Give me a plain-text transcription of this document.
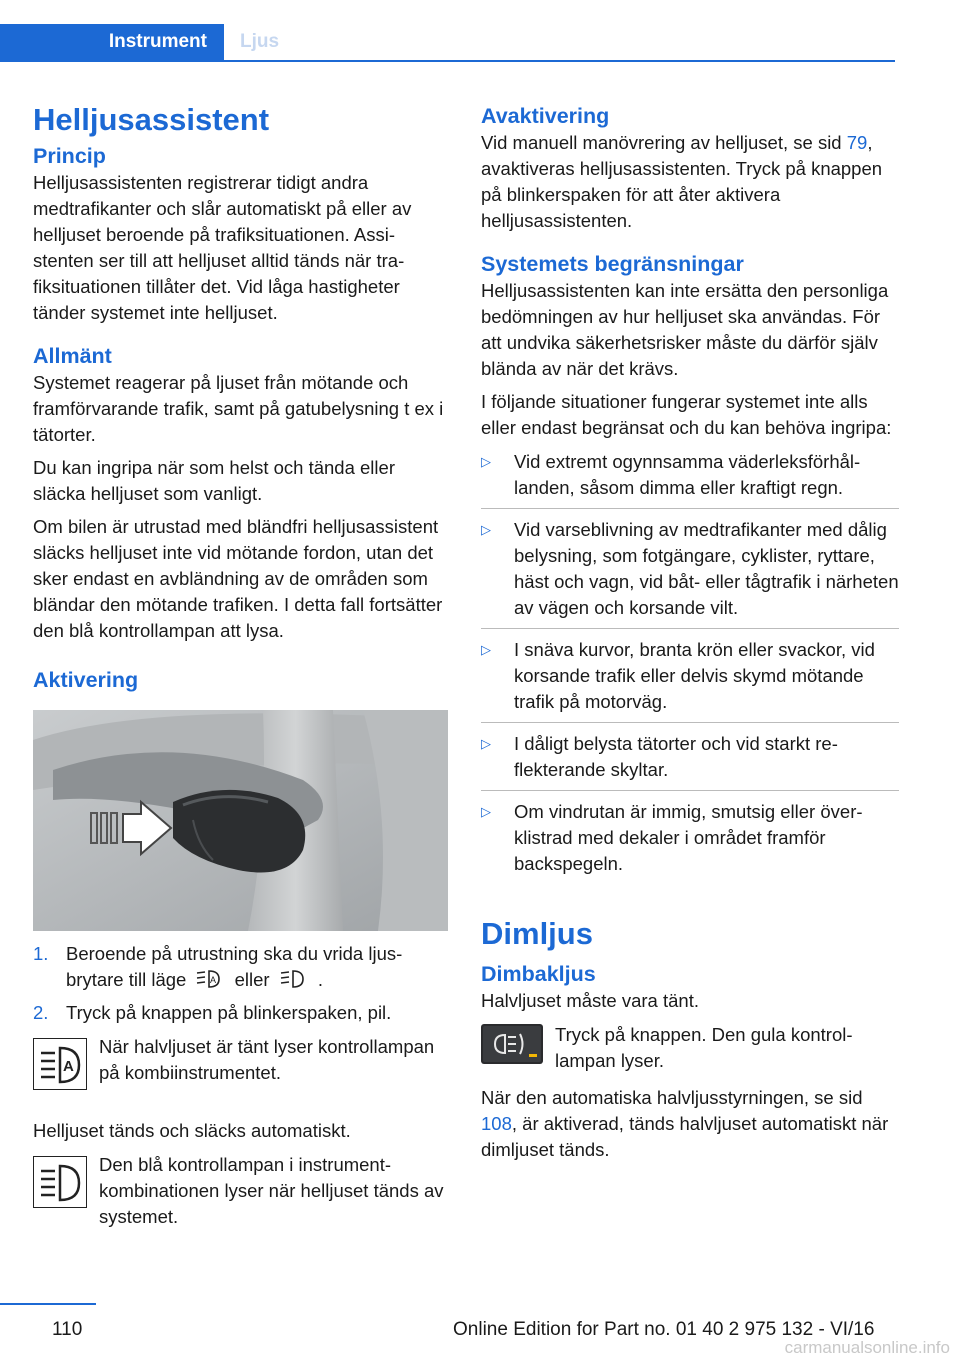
Instrument Ljus
Helljusassistent
Princip

Helljusassistenten registrerar tidigt andra medtrafikanter och slår automatiskt på eller av helljuset beroende på trafiksituationen. Assistenten ser till att helljuset alltid tänds när trafiksituationen tillåter det. Vid låga hastigheter tänder systemet inte helljuset.

Allmänt

Systemet reagerar på ljuset från mötande och framförvarande trafik, samt på gatubelysning t ex i tätorter.

Du kan ingripa när som helst och tända eller släcka helljuset som vanligt.

Om bilen är utrustad med bländfri helljusassistent släcks helljuset inte vid mötande fordon, utan det sker endast en avbländning av de områden som bländar den mötande trafiken. I detta fall fortsätter den blå kontrollampan att lysa.

Aktivering
1. Beroende på utrustning ska du vrida ljusbrytare till läge	A eller	.
2. Tryck på knappen på blinkerspaken, pil.
A

När halvljuset är tänt lyser kontrollampan på kombiinstrumentet.

Helljuset tänds och släcks automatiskt.

Den blå kontrollampan i instrumentkombinationen lyser när helljuset tänds av systemet.

Avaktivering

Vid manuell manövrering av helljuset, se sid 79, avaktiveras helljusassistenten. Tryck på knappen på blinkerspaken för att åter aktivera helljusassistenten.

Systemets begränsningar

Helljusassistenten kan inte ersätta den personliga bedömningen av hur helljuset ska användas. För att undvika säkerhetsrisker måste du därför själv blända av när det krävs.

I följande situationer fungerar systemet inte alls eller endast begränsat och du kan behöva ingripa:

▷ Vid extremt ogynnsamma väderleksförhållanden, såsom dimma eller kraftigt regn.
▷ Vid varseblivning av medtrafikanter med dålig belysning, som fotgängare, cyklister, ryttare, häst och vagn, vid båt- eller tågtrafik i närheten av vägen och korsande vilt.
▷ I snäva kurvor, branta krön eller svackor, vid korsande trafik eller delvis skymd mötande trafik på motorväg.
▷ I dåligt belysta tätorter och vid starkt reflekterande skyltar.
▷ Om vindrutan är immig, smutsig eller överklistrad med dekaler i området framför backspegeln.
Dimljus
Dimbakljus

Halvljuset måste vara tänt.

Tryck på knappen. Den gula kontrollampan lyser.

När den automatiska halvljusstyrningen, se sid 108, är aktiverad, tänds halvljuset automatiskt när dimljuset tänds.

110	Online Edition for Part no. 01 40 2 975 132 - VI/16
carmanualsonline.info
